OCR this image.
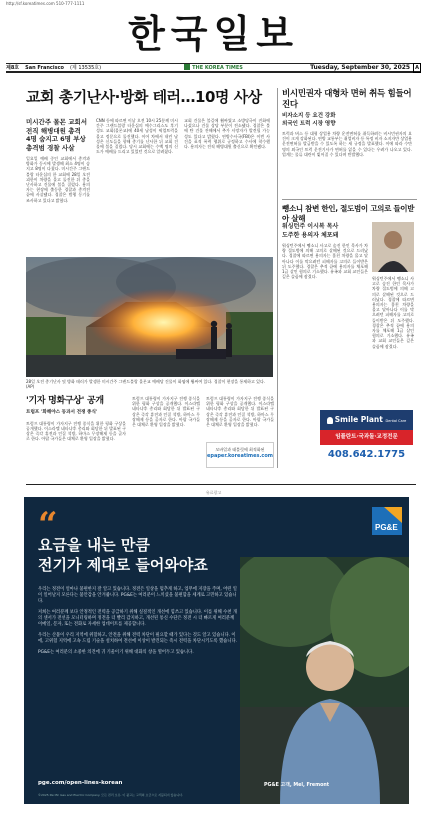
http://sf.koreatimes.com 510-777-1111
한국일보
제8호 San Francisco (제 13535호)	THE KOREA TIMES	Tuesday, September 30, 2025 A
교회 총기난사·방화 테러…10명 사상
미시간주 몰몬 교회서
전직 해병대원 총격
4명 숨지고 6명 부상
총격범 경찰 사살
일요일 예배 중인 교회에서 총격과 방화가 동시에 발생해 최소 4명이 숨지고 8명이 다쳤다. 미시간주 그랜드블랑 타운십의 한 교회에 28일 오전 괴한이 차량을 몰고 돌진한 뒤 총을 난사하고 건물에 불을 질렀다. 용의자는 현장에 출동한 경찰과 총격전 끝에 사살됐다. 경찰은 범행 동기를 조사하고 있다고 밝혔다.
CNN 등에 따르면 이날 오전 10시 25분께 미시간주 그랜드블랑 타운십의 예수그리스도 후기성도 교회(몰몬교)에 40세 남성이 픽업트럭을 몰고 정문으로 돌진했다. 이어 차에서 내린 남성은 신도들을 향해 총기를 난사한 뒤 교회 건물에 불을 질렀다. 당시 교회에는 수백 명의 신도가 예배를 드리고 있었던 것으로 알려졌다.
교회 건물은 불길에 휩싸였고 소방당국이 진화에 나섰으나 건물 상당 부분이 전소됐다. 경찰은 불에 탄 건물 잔해에서 추가 사망자가 발견될 가능성도 있다고 밝혔다. 연방수사국(FBI)은 이번 사건을 표적 폭력 행위로 규정하고 수사에 착수했다. 용의자는 전직 해병대원 출신으로 확인됐다.
28일 오전 총기난사 및 방화 테러가 발생한 미시간주 그랜드블랑 몰몬교 예배당 건물이 화염에 휩싸여 있다. 경찰이 현장을 통제하고 있다. (AP)
비시민권자 대형차 면허 취득 힘들어진다
비자소지 등 요건 강화
외국인 트럭 시장 영향
트럭과 버스 등 대형 상업용 차량 운전면허를 취득하려는 비시민권자의 요건이 크게 강화된다. 연방 교통부는 취업비자 등 특정 비자 소지자만 상업용 운전면허를 발급받을 수 있도록 하는 새 규정을 발표했다. 이에 따라 수만 명의 외국인 트럭 운전기사가 면허를 잃을 수 있다는 우려가 나오고 있다. 업계는 물류 대란이 빚어질 수 있다며 반발했다.
뺑소니 참변 한인, 절도범이 고의로 들이받아 살해
워싱턴주 이시복 목사
도주한 용의자 체포돼
워싱턴주에서 뺑소니 사고로 숨진 한인 목사가 차량 절도범에 의해 고의로 살해된 것으로 드러났다. 경찰에 따르면 용의자는 훔친 차량을 몰고 달아나다 이를 막으려던 피해자를 고의로 들이받은 뒤 도주했다. 경찰은 추적 끝에 용의자를 체포해 1급 살인 혐의로 기소했다. 유족과 교회 교인들은 깊은 슬픔에 잠겼다.	워싱턴주에서 뺑소니 사고로 숨진 한인 목사가 차량 절도범에 의해 고의로 살해된 것으로 드러났다. 경찰에 따르면 용의자는 훔친 차량을 몰고 달아나다 이를 막으려던 피해자를 고의로 들이받은 뒤 도주했다. 경찰은 추적 끝에 용의자를 체포해 1급 살인 혐의로 기소했다. 유족과 교회 교인들은 깊은 슬픔에 잠겼다.
'기자 명화구상' 공개
트럼프 '화해야스 동과서 전쟁 종식'
트럼프 대통령이 가자지구 전쟁 종식을 위한 평화 구상을 공개했다. 이스라엘 네타냐후 총리와 회담한 뒤 발표된 구상은 즉각 휴전과 인질 석방, 하마스 무장해제 등을 골자로 한다. 아랍 국가들은 대체로 환영 입장을 밝혔다.
트럼프 대통령이 가자지구 전쟁 종식을 위한 평화 구상을 공개했다. 이스라엘 네타냐후 총리와 회담한 뒤 발표된 구상은 즉각 휴전과 인질 석방, 하마스 무장해제 등을 골자로 한다. 아랍 국가들은 대체로 환영 입장을 밝혔다.
트럼프 대통령이 가자지구 전쟁 종식을 위한 평화 구상을 공개했다. 이스라엘 네타냐후 총리와 회담한 뒤 발표된 구상은 즉각 휴전과 인질 석방, 하마스 무장해제 등을 골자로 한다. 아랍 국가들은 대체로 환영 입장을 밝혔다.
모바일과 태블릿에 최적화된
epaper.koreatimes.com
Smile Plant Dental Care
임플란트·국과돌·교정전문
408.642.1775
유료광고
“
요금을 내는 만큼
전기가 제대로 들어와야죠

우리는 정전이 얼마나 불편한지 잘 알고 있습니다. 정전은 일상을 멈추게 하고, 업무에 지장을 주며, 어떤 일이 일어날지 모른다는 불안감을 안겨줍니다. PG&E는 여러분이 느끼셨을 불편함을 세계로 고민하고 있습니다.

저희는 여러분께 보다 안정적인 전력을 공급하기 위해 실질적인 개선에 힘쓰고 있습니다. 이를 위해 수천 개의 센서가 전선을 모니터링하며 정전을 더 빨리 감지하고, 개선된 통신 수단은 정전 시 더 빠르게 여러분께 이메일, 문자, 또는 전화로 자세한 업데이트를 제공합니다.

우리는 산불이 우리 지역에 위험하고, 안전을 위해 전력 차단이 필요할 때가 있다는 것도 알고 있습니다. 이에, 고위험 지역에 고속 드립 기술을 설치하여 전선에 이상이 발견되는 즉시 전력을 차단시키도록 했습니다.

PG&E는 여러분의 소중한 의견에 귀 기울이기 위해 대화의 창을 열어두고 있습니다.

PG&E
PG&E 고객, Mel, Fremont
pge.com/open-lines-korean
©2025 Pacific Gas and Electric Company. 모든 권리 보유. 이 광고는 고객의 요금으로 지불되지 않습니다.
